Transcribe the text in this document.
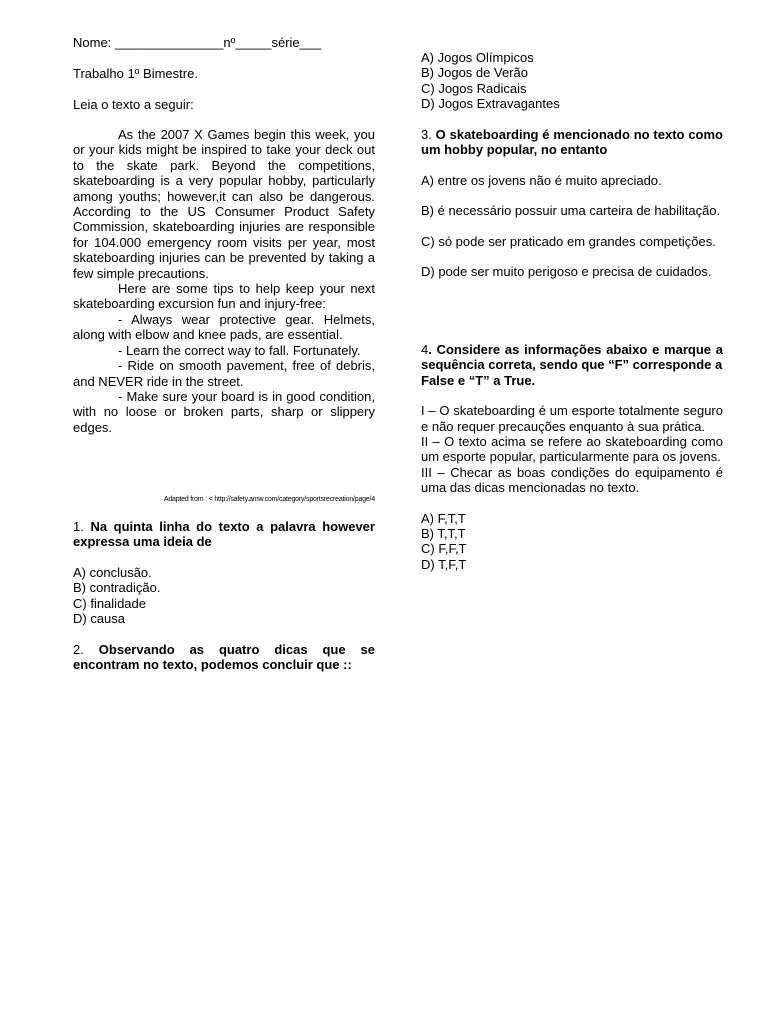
Nome: _______________nº_____série___

Trabalho 1º Bimestre.

Leia o texto a seguir:

As the 2007 X Games begin this week, you or your kids might be inspired to take your deck out to the skate park. Beyond the competitions, skateboarding is a very popular hobby, particularly among youths; however,it can also be dangerous. According to the US Consumer Product Safety Commission, skateboarding injuries are responsible for 104.000 emergency room visits per year, most skateboarding injuries can be prevented by taking a few simple precautions.

Here are some tips to help keep your next skateboarding excursion fun and injury-free:

- Always wear protective gear. Helmets, along with elbow and knee pads, are essential.

- Learn the correct way to fall. Fortunately.

- Ride on smooth pavement, free of debris, and NEVER ride in the street.

- Make sure your board is in good condition, with no loose or broken parts, sharp or slippery edges.

Adapted from : < http://safety.amw.com/category/sportsrecreation/page/4

1. Na quinta linha do texto a palavra however expressa uma ideia de

A) conclusão.

B) contradição.

C) finalidade

D) causa

2. Observando as quatro dicas que se encontram no texto, podemos concluir que ::

A) Jogos Olímpicos

B) Jogos de Verão

C) Jogos Radicais

D) Jogos Extravagantes

3. O skateboarding é mencionado no texto como um hobby popular, no entanto

A) entre os jovens não é muito apreciado.

B) é necessário possuir uma carteira de habilitação.

C) só pode ser praticado em grandes competições.

D) pode ser muito perigoso e precisa de cuidados.

4. Considere as informações abaixo e marque a sequência correta, sendo que “F” corresponde a

False e “T” a True.

I – O skateboarding é um esporte totalmente seguro e não requer precauções enquanto à sua prática.

II – O texto acima se refere ao skateboarding como um esporte popular, particularmente para os jovens.

III – Checar as boas condições do equipamento é uma das dicas mencionadas no texto.

A) F,T,T

B) T,T,T

C) F,F,T

D) T,F,T
